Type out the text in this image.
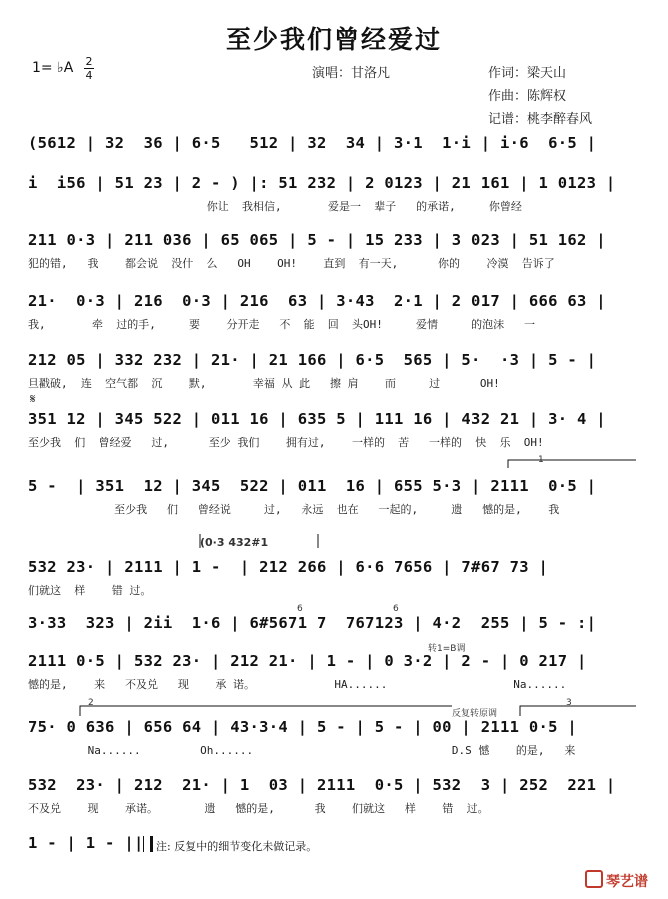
至少我们曾经爱过
1= ♭A 2
4	演唱：甘洛凡	作词：梁天山
作曲：陈辉权
记谱：桃李醉春风
(5612 | 32  36 | 6·5   512 | 32  34 | 3·1  1·i | i·6  6·5 |
i  i56 | 51 23 | 2 - ) |: 51 232 | 2 0123 | 21 161 | 1 0123 |
你让  我相信,       爱是一  辈子   的承诺,     你曾经
211 0·3 | 211 036 | 65 065 | 5 - | 15 233 | 3 023 | 51 162 |
犯的错,   我    都会说  没什  么   OH    OH!    直到  有一天,      你的    冷漠  告诉了
21·  0·3 | 216  0·3 | 216  63 | 3·43  2·1 | 2 017 | 666 63 |
我,       牵  过的手,     要    分开走   不  能  回  头OH!     爱情     的泡沫   一
212 05 | 332 232 | 21· | 21 166 | 6·5  565 | 5·  ·3 | 5 - |
旦戳破,  连  空气都  沉    默,       幸福 从 此   擦 肩    而     过      OH!
351 12 | 345 522 | 011 16 | 635 5 | 111 16 | 432 21 | 3· 4 |
至少我  们  曾经爱   过,      至少 我们    拥有过,    一样的  苦   一样的  快  乐  OH!
5 -  | 351  12 | 345  522 | 011  16 | 655 5·3 | 2111  0·5 |
至少我   们   曾经说     过,   永远  也在   一起的,     遗   憾的是,    我
532 23· | 2111 | 1 -  | 212 266 | 6·6 7656 | 7#67 73 |
们就这  样    错 过。
3·33  323 | 2ii  1·6 | 6#5671 7  767123 | 4·2  255 | 5 - :|
2111 0·5 | 532 23· | 212 21· | 1 - | 0 3·2 | 2 - | 0 217 |
憾的是,    来   不及兑   现    承 诺。            HA......                   Na......
75· 0 636 | 656 64 | 43·3·4 | 5 - | 5 - | 00 | 2111 0·5 |
Na......         Oh......                              D.S 憾    的是,   来
532  23· | 212  21· | 1  03 | 2111  0·5 | 532  3 | 252  221 |
不及兑    现    承诺。       遗   憾的是,      我    们就这   样    错  过。
1 - | 1 - ||
𝄋
1
(0·3 432#1
6	6
转1=B调
反复转原调
2	3
注: 反复中的细节变化未做记录。
琴艺谱
